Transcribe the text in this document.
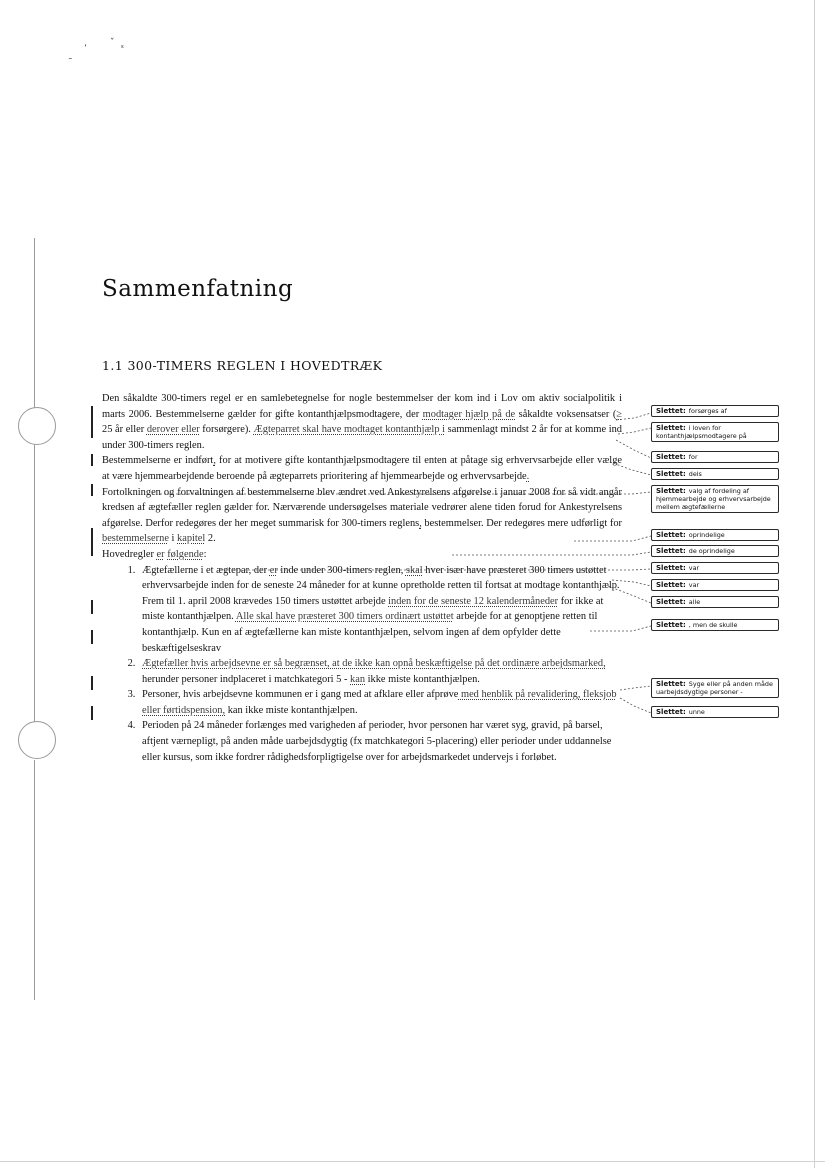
ˇ
ʼ	ᵋ
˜
Sammenfatning
1.1 300-TIMERS REGLEN I HOVEDTRÆK

Den såkaldte 300-timers regel er en samlebetegnelse for nogle bestemmelser der kom ind i Lov om aktiv socialpolitik i marts 2006. Bestemmelserne gælder for gifte kontanthjælpsmodtagere, der modtager hjælp på de såkaldte voksensatser (≥ 25 år eller derover eller forsørgere). Ægteparret skal have modtaget kontanthjælp i sammenlagt mindst 2 år for at komme ind under 300-timers reglen.

Bestemmelserne er indført, for at motivere gifte kontanthjælpsmodtagere til enten at påtage sig erhvervsarbejde eller vælge at være hjemmearbejdende beroende på ægteparrets prioritering af hjemmearbejde og erhvervsarbejde.

Fortolkningen og forvaltningen af bestemmelserne blev ændret ved Ankestyrelsens afgørelse i januar 2008 for så vidt angår kredsen af ægtefæller reglen gælder for. Nærværende undersøgelses materiale vedrører alene tiden forud for Ankestyrelsens afgørelse. Derfor redegøres der her meget summarisk for 300-timers reglens, bestemmelser. Der redegøres mere udførligt for bestemmelserne i kapitel 2.

Hovedregler er følgende:

1. Ægtefællerne i et ægtepar, der er inde under 300-timers reglen, skal hver især have præsteret 300 timers ustøttet erhvervsarbejde inden for de seneste 24 måneder for at kunne opretholde retten til fortsat at modtage kontanthjælp. Frem til 1. april 2008 krævedes 150 timers ustøttet arbejde inden for de seneste 12 kalendermåneder for ikke at miste kontanthjælpen. Alle skal have præsteret 300 timers ordinært ustøttet arbejde for at genoptjene retten til kontanthjælp. Kun en af ægtefællerne kan miste kontanthjælpen, selvom ingen af dem opfylder dette beskæftigelseskrav
2. Ægtefæller hvis arbejdsevne er så begrænset, at de ikke kan opnå beskæftigelse på det ordinære arbejdsmarked, herunder personer indplaceret i matchkategori 5 - kan ikke miste kontanthjælpen.
3. Personer, hvis arbejdsevne kommunen er i gang med at afklare eller afprøve med henblik på revalidering, fleksjob eller førtidspension, kan ikke miste kontanthjælpen.
4. Perioden på 24 måneder forlænges med varigheden af perioder, hvor personen har været syg, gravid, på barsel, aftjent værnepligt, på anden måde uarbejdsdygtig (fx matchkategori 5-placering) eller perioder under uddannelse eller kursus, som ikke fordrer rådighedsforpligtigelse over for arbejdsmarkedet undervejs i forløbet.
Slettet: forsørges af
Slettet: i loven for kontanthjælpsmodtagere på
Slettet: for
Slettet: dels
Slettet: valg af fordeling af hjemmearbejde og erhvervsarbejde mellem ægtefællerne
Slettet: oprindelige
Slettet: de oprindelige
Slettet: var
Slettet: var
Slettet: alle
Slettet: , men de skulle
Slettet: Syge eller på anden måde uarbejdsdygtige personer -
Slettet: unne
